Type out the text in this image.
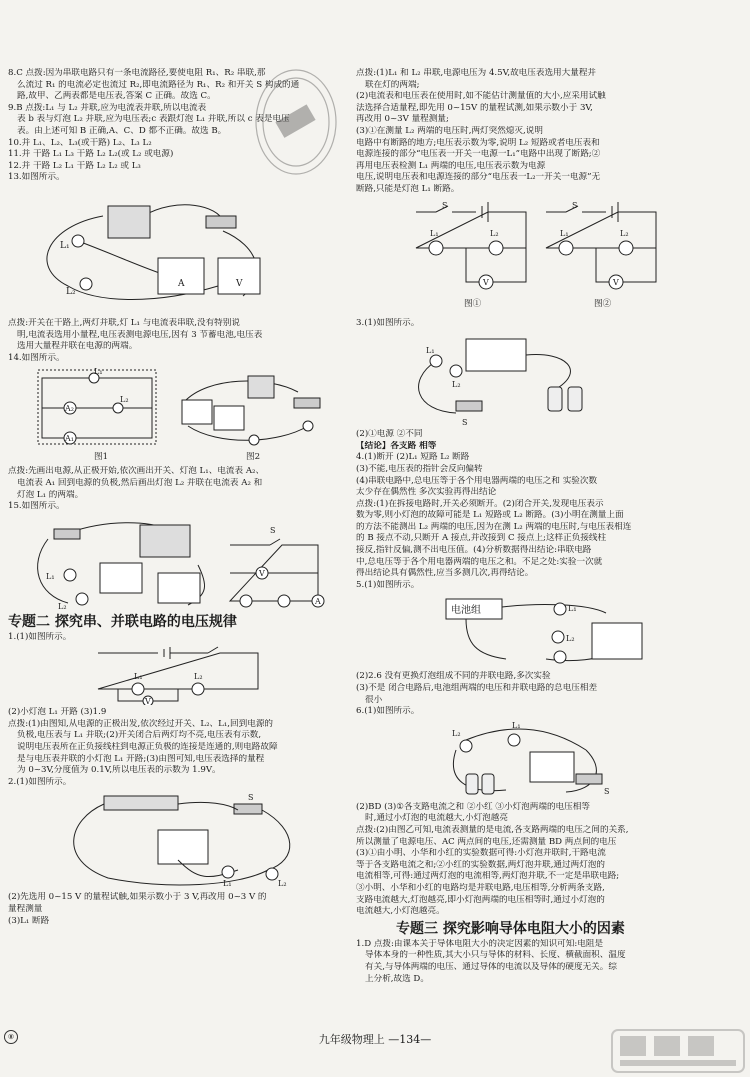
8.C 点拨:因为串联电路只有一条电流路径,要使电阻 R₁、R₂ 串联,那
么流过 R₁ 的电流必定也流过 R₂,即电流路径为 R₁、R₂ 和开关 S 构成的通
路,故甲、乙两表都是电压表,答案 C 正确。故选 C。
9.B 点拨:L₁ 与 L₂ 并联,应为电流表并联,所以电流表
表 b 表与灯泡 L₂ 并联,应为电压表;c 表跟灯泡 L₁ 并联,所以 c 表是电压
表。由上述可知 B 正确,A、C、D 都不正确。故选 B。
10.并 L₁、L₂、L₃(或干路) L₂、L₃ L₂
11.并 干路 L₁ L₃ 干路 L₂ L₂(或 L₂ 或电源)
12.并 干路 L₂ L₁ 干路 L₂ L₂ 或 L₃
13.如图所示。
L₁
L₂
A	V
点拨:开关在干路上,两灯并联,灯 L₁ 与电流表串联,没有特别说
明,电流表选用小量程,电压表测电源电压,因有 3 节蓄电池,电压表
选用大量程并联在电源的两端。
14.如图所示。
L₁
L₂
A₂
A₁
图1	图2
点拨:先画出电源,从正极开始,依次画出开关、灯泡 L₁、电流表 A₂、
电流表 A₁ 回到电源的负极,然后画出灯泡 L₂ 并联在电流表 A₂ 和
灯泡 L₁ 的两端。
15.如图所示。
L₁
L₂
S
V
A
专题二 探究串、并联电路的电压规律
1.(1)如图所示。
L₁	L₂
V
(2)小灯泡 L₁ 开路 (3)1.9
点拨:(1)由图知,从电源的正极出发,依次经过开关、L₂、L₁,回到电源的
负极,电压表与 L₁ 并联;(2)开关闭合后两灯均不亮,电压表有示数,
说明电压表所在正负接线柱到电源正负极的连接是连通的,则电路故障
是与电压表并联的小灯泡 L₁ 开路;(3)由图可知,电压表选择的量程
为 0~3V,分度值为 0.1V,所以电压表的示数为 1.9V。
2.(1)如图所示。
S
L₁	L₂
(2)先选用 0~15 V 的量程试触,如果示数小于 3 V,再改用 0~3 V 的
量程测量
(3)L₁ 断路
点拨:(1)L₁ 和 L₂ 串联,电源电压为 4.5V,故电压表选用大量程并
联在灯的两端;
(2)电流表和电压表在使用时,如不能估计测量值的大小,应采用试触
法选择合适量程,即先用 0~15V 的量程试测,如果示数小于 3V,
再改用 0~3V 量程测量;
(3)①在测量 L₂ 两端的电压时,两灯突然熄灭,说明
电路中有断路的地方;电压表示数为零,说明 L₂ 短路或者电压表和
电源连接的部分“电压表一开关一电源一L₁”电路中出现了断路;②
再用电压表检测 L₁ 两端的电压,电压表示数为电源
电压,说明电压表和电源连接的部分“电压表一L₂一开关一电源”无
断路,只能是灯泡 L₁ 断路。
S
L₁	L₂
V
图①
S
L₁	L₂
V
图②
3.(1)如图所示。
L₁
L₂
S
(2)①电源 ②不同
【结论】各支路 相等
4.(1)断开 (2)L₁ 短路 L₂ 断路
(3)不能,电压表的指针会反向偏转
(4)串联电路中,总电压等于各个用电器两端的电压之和 实验次数
太少存在偶然性 多次实验再得出结论
点拨:(1)在拆接电路时,开关必须断开。(2)闭合开关,发现电压表示
数为零,则小灯泡的故障可能是 L₁ 短路或 L₂ 断路。(3)小明在测量上面
的方法不能测出 L₂ 两端的电压,因为在测 L₂ 两端的电压时,与电压表相连
的 B 接点不动,只断开 A 接点,并改接到 C 接点上;这样正负接线柱
接反,指针反偏,测不出电压值。(4)分析数据得出结论:串联电路
中,总电压等于各个用电器两端的电压之和。不足之处:实验一次就
得出结论具有偶然性,应当多测几次,再得结论。
5.(1)如图所示。
电池组	L₁
L₂
(2)2.6 没有更换灯泡组成不同的并联电路,多次实验
(3)不是 闭合电路后,电池组两端的电压和并联电路的总电压相差
很小
6.(1)如图所示。
L₂
L₁
S
(2)BD (3)①各支路电流之和 ②小红 ③小灯泡两端的电压相等
时,通过小灯泡的电流越大,小灯泡越亮
点拨:(2)由图乙可知,电流表测量的是电流,各支路两端的电压之间的关系,
所以测量了电源电压、AC 两点间的电压,还需测量 BD 两点间的电压
(3)①由小明、小华和小红的实验数据可得:小灯泡并联时,干路电流
等于各支路电流之和;②小红的实验数据,两灯泡并联,通过两灯泡的
电流相等,可得:通过两灯泡的电流相等,两灯泡并联,不一定是串联电路;
③小明、小华和小红的电路均是并联电路,电压相等,分析两条支路,
支路电流越大,灯泡越亮,即小灯泡两端的电压相等时,通过小灯泡的
电流越大,小灯泡越亮。
专题三 探究影响导体电阻大小的因素
1.D 点拨:由课本关于导体电阻大小的决定因素的知识可知:电阻是
导体本身的一种性质,其大小只与导体的材料、长度、横截面积、温度
有关,与导体两端的电压、通过导体的电流以及导体的硬度无关。综
上分析,故选 D。
⑧	九年级物理上 —134—
